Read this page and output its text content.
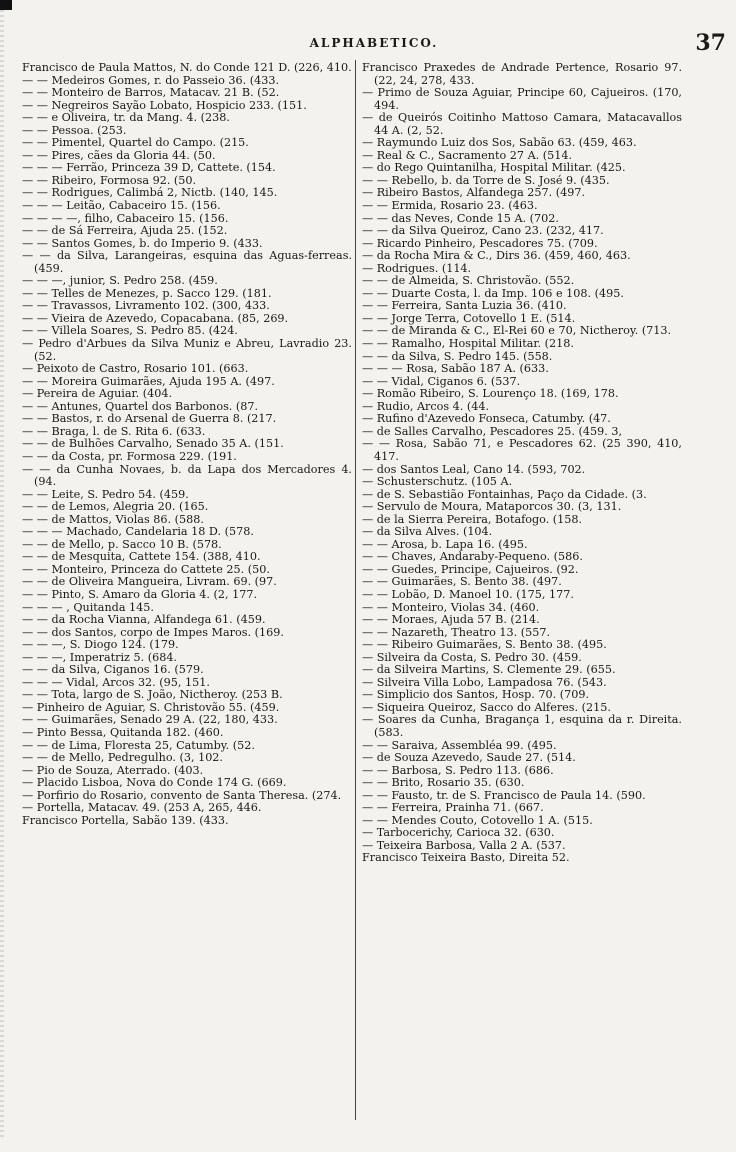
ALPHABETICO.	37
Francisco de Paula Mattos, N. do Conde 121 D. (226, 410.
— — Medeiros Gomes, r. do Passeio 36. (433.
— — Monteiro de Barros, Matacav. 21 B. (52.
— — Negreiros Sayão Lobato, Hospicio 233. (151.
— — e Oliveira, tr. da Mang. 4. (238.
— — Pessoa. (253.
— — Pimentel, Quartel do Campo. (215.
— — Pires, cães da Gloria 44. (50.
— — — Ferrão, Princeza 39 D, Cattete. (154.
— — Ribeiro, Formosa 92. (50.
— — Rodrigues, Calimbá 2, Nictb. (140, 145.
— — — Leitão, Cabaceiro 15. (156.
— — — —, filho, Cabaceiro 15. (156.
— — de Sá Ferreira, Ajuda 25. (152.
— — Santos Gomes, b. do Imperio 9. (433.
— — da Silva, Larangeiras, esquina das Aguas-ferreas. (459.
— — —, junior, S. Pedro 258. (459.
— — Telles de Menezes, p. Sacco 129. (181.
— — Travassos, Livramento 102. (300, 433.
— — Vieira de Azevedo, Copacabana. (85, 269.
— — Villela Soares, S. Pedro 85. (424.
— Pedro d'Arbues da Silva Muniz e Abreu, Lavradio 23. (52.
— Peixoto de Castro, Rosario 101. (663.
— — Moreira Guimarães, Ajuda 195 A. (497.
— Pereira de Aguiar. (404.
— — Antunes, Quartel dos Barbonos. (87.
— — Bastos, r. do Arsenal de Guerra 8. (217.
— — Braga, l. de S. Rita 6. (633.
— — de Bulhões Carvalho, Senado 35 A. (151.
— — da Costa, pr. Formosa 229. (191.
— — da Cunha Novaes, b. da Lapa dos Mercadores 4. (94.
— — Leite, S. Pedro 54. (459.
— — de Lemos, Alegria 20. (165.
— — de Mattos, Violas 86. (588.
— — — Machado, Candelaria 18 D. (578.
— — de Mello, p. Sacco 10 B. (578.
— — de Mesquita, Cattete 154. (388, 410.
— — Monteiro, Princeza do Cattete 25. (50.
— — de Oliveira Mangueira, Livram. 69. (97.
— — Pinto, S. Amaro da Gloria 4. (2, 177.
— — — , Quitanda 145.
— — da Rocha Vianna, Alfandega 61. (459.
— — dos Santos, corpo de Impes Maros. (169.
— — —, S. Diogo 124. (179.
— — —, Imperatriz 5. (684.
— — da Silva, Ciganos 16. (579.
— — — Vidal, Arcos 32. (95, 151.
— — Tota, largo de S. João, Nictheroy. (253 B.
— Pinheiro de Aguiar, S. Christovão 55. (459.
— — Guimarães, Senado 29 A. (22, 180, 433.
— Pinto Bessa, Quitanda 182. (460.
— — de Lima, Floresta 25, Catumby. (52.
— — de Mello, Pedregulho. (3, 102.
— Pio de Souza, Aterrado. (403.
— Placido Lisboa, Nova do Conde 174 G. (669.
— Porfirio do Rosario, convento de Santa Theresa. (274.
— Portella, Matacav. 49. (253 A, 265, 446.
Francisco Portella, Sabão 139. (433.
Francisco Praxedes de Andrade Pertence, Rosario 97. (22, 24, 278, 433.
— Primo de Souza Aguiar, Principe 60, Cajueiros. (170, 494.
— de Queirós Coitinho Mattoso Camara, Matacavallos 44 A. (2, 52.
— Raymundo Luiz dos Sos, Sabão 63. (459, 463.
— Real & C., Sacramento 27 A. (514.
— do Rego Quintanilha, Hospital Militar. (425.
— — Rebello, b. da Torre de S. José 9. (435.
— Ribeiro Bastos, Alfandega 257. (497.
— — Ermida, Rosario 23. (463.
— — das Neves, Conde 15 A. (702.
— — da Silva Queiroz, Cano 23. (232, 417.
— Ricardo Pinheiro, Pescadores 75. (709.
— da Rocha Mira & C., Dirs 36. (459, 460, 463.
— Rodrigues. (114.
— — de Almeida, S. Christovão. (552.
— — Duarte Costa, l. da Imp. 106 e 108. (495.
— — Ferreira, Santa Luzia 36. (410.
— — Jorge Terra, Cotovello 1 E. (514.
— — de Miranda & C., El-Rei 60 e 70, Nictheroy. (713.
— — Ramalho, Hospital Militar. (218.
— — da Silva, S. Pedro 145. (558.
— — — Rosa, Sabão 187 A. (633.
— — Vidal, Ciganos 6. (537.
— Romão Ribeiro, S. Lourenço 18. (169, 178.
— Rudio, Arcos 4. (44.
— Rufino d'Azevedo Fonseca, Catumby. (47.
— de Salles Carvalho, Pescadores 25. (459. 3,
— — Rosa, Sabão 71, e Pescadores 62. (25 390, 410, 417.
— dos Santos Leal, Cano 14. (593, 702.
— Schusterschutz. (105 A.
— de S. Sebastião Fontainhas, Paço da Cidade. (3.
— Servulo de Moura, Mataporcos 30. (3, 131.
— de la Sierra Pereira, Botafogo. (158.
— da Silva Alves. (104.
— — Arosa, b. Lapa 16. (495.
— — Chaves, Andaraby-Pequeno. (586.
— — Guedes, Principe, Cajueiros. (92.
— — Guimarães, S. Bento 38. (497.
— — Lobão, D. Manoel 10. (175, 177.
— — Monteiro, Violas 34. (460.
— — Moraes, Ajuda 57 B. (214.
— — Nazareth, Theatro 13. (557.
— — Ribeiro Guimarães, S. Bento 38. (495.
— Silveira da Costa, S. Pedro 30. (459.
— da Silveira Martins, S. Clemente 29. (655.
— Silveira Villa Lobo, Lampadosa 76. (543.
— Simplicio dos Santos, Hosp. 70. (709.
— Siqueira Queiroz, Sacco do Alferes. (215.
— Soares da Cunha, Bragança 1, esquina da r. Direita. (583.
— — Saraiva, Assembléa 99. (495.
— de Souza Azevedo, Saude 27. (514.
— — Barbosa, S. Pedro 113. (686.
— — Brito, Rosario 35. (630.
— — Fausto, tr. de S. Francisco de Paula 14. (590.
— — Ferreira, Prainha 71. (667.
— — Mendes Couto, Cotovello 1 A. (515.
— Tarbocerichy, Carioca 32. (630.
— Teixeira Barbosa, Valla 2 A. (537.
Francisco Teixeira Basto, Direita 52.
